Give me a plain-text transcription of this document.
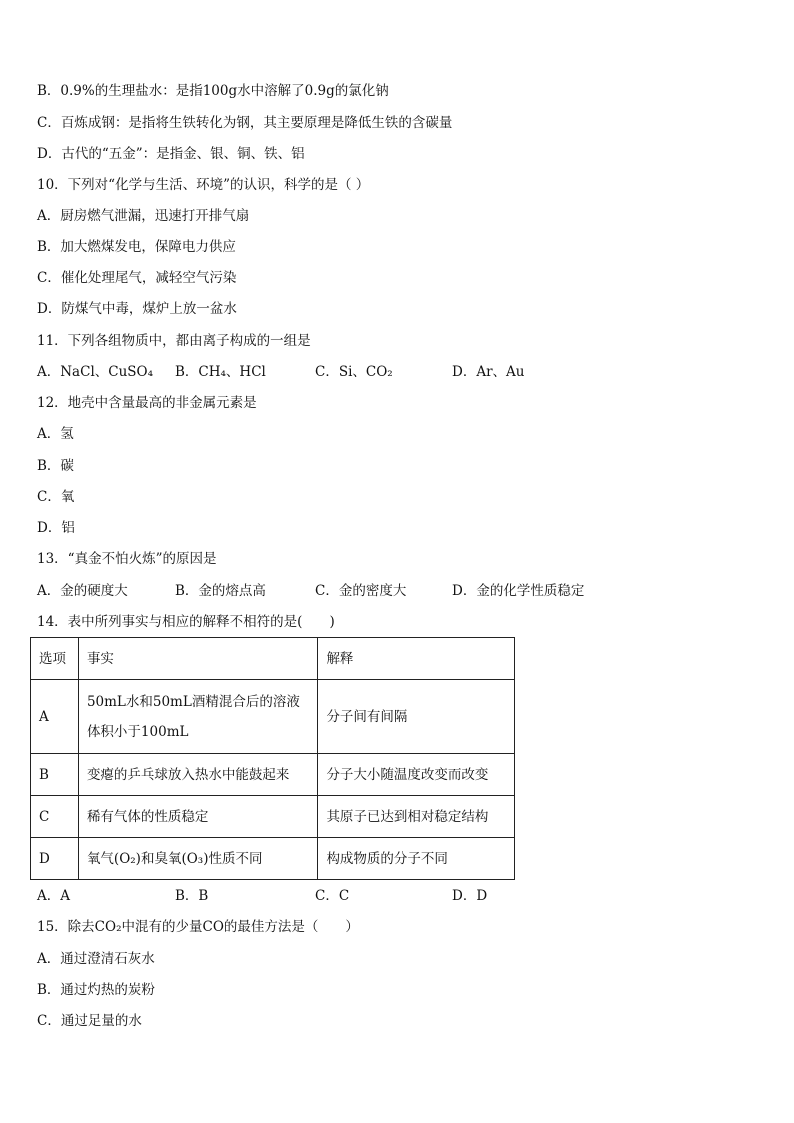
B．0.9%的生理盐水：是指100g水中溶解了0.9g的氯化钠
C．百炼成钢：是指将生铁转化为钢，其主要原理是降低生铁的含碳量
D．古代的“五金”：是指金、银、铜、铁、铝
10．下列对“化学与生活、环境”的认识，科学的是（ ）
A．厨房燃气泄漏，迅速打开排气扇
B．加大燃煤发电，保障电力供应
C．催化处理尾气，减轻空气污染
D．防煤气中毒，煤炉上放一盆水
11．下列各组物质中，都由离子构成的一组是
A．NaCl、CuSO₄ B．CH₄、HCl	C．Si、CO₂	D．Ar、Au
12．地壳中含量最高的非金属元素是
A．氢
B．碳
C．氧
D．铝
13．“真金不怕火炼”的原因是
A．金的硬度大	B．金的熔点高	C．金的密度大	D．金的化学性质稳定
14．表中所列事实与相应的解释不相符的是(　　)
选项	事实	解释
A	50mL水和50mL酒精混合后的溶液体积小于100mL	分子间有间隔
B	变瘪的乒乓球放入热水中能鼓起来	分子大小随温度改变而改变
C	稀有气体的性质稳定	其原子已达到相对稳定结构
D	氧气(O₂)和臭氧(O₃)性质不同	构成物质的分子不同
A．A	B．B	C．C	D．D
15．除去CO₂中混有的少量CO的最佳方法是（　　）
A．通过澄清石灰水
B．通过灼热的炭粉
C．通过足量的水
